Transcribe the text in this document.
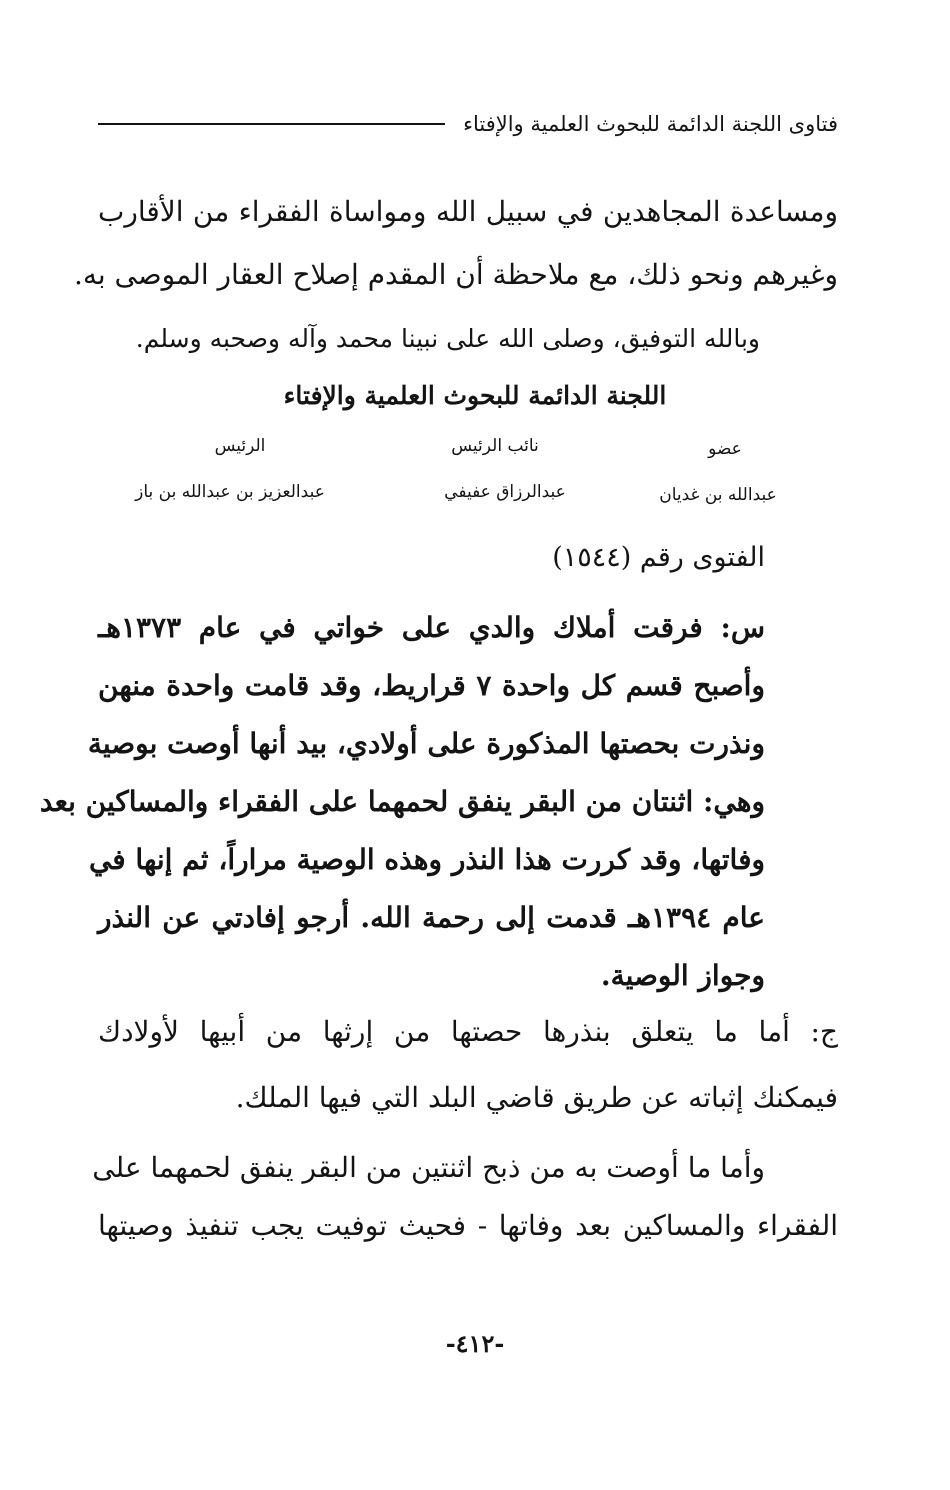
فتاوى اللجنة الدائمة للبحوث العلمية والإفتاء
ومساعدة المجاهدين في سبيل الله ومواساة الفقراء من الأقارب
وغيرهم ونحو ذلك، مع ملاحظة أن المقدم إصلاح العقار الموصى به.
وبالله التوفيق، وصلى الله على نبينا محمد وآله وصحبه وسلم.
اللجنة الدائمة للبحوث العلمية والإفتاء
الرئيس
عبدالعزيز بن عبدالله بن باز
نائب الرئيس
عبدالرزاق عفيفي
عضو
عبدالله بن غديان
الفتوى رقم (١٥٤٤)
س: فرقت أملاك والدي على خواتي في عام ١٣٧٣هـ
وأصبح قسم كل واحدة ٧ قراريط، وقد قامت واحدة منهن
ونذرت بحصتها المذكورة على أولادي، بيد أنها أوصت بوصية
وهي: اثنتان من البقر ينفق لحمهما على الفقراء والمساكين بعد
وفاتها، وقد كررت هذا النذر وهذه الوصية مراراً، ثم إنها في
عام ١٣٩٤هـ قدمت إلى رحمة الله. أرجو إفادتي عن النذر
وجواز الوصية.
ج: أما ما يتعلق بنذرها حصتها من إرثها من أبيها لأولادك
فيمكنك إثباته عن طريق قاضي البلد التي فيها الملك.
وأما ما أوصت به من ذبح اثنتين من البقر ينفق لحمهما على
الفقراء والمساكين بعد وفاتها - فحيث توفيت يجب تنفيذ وصيتها
-٤١٢-
